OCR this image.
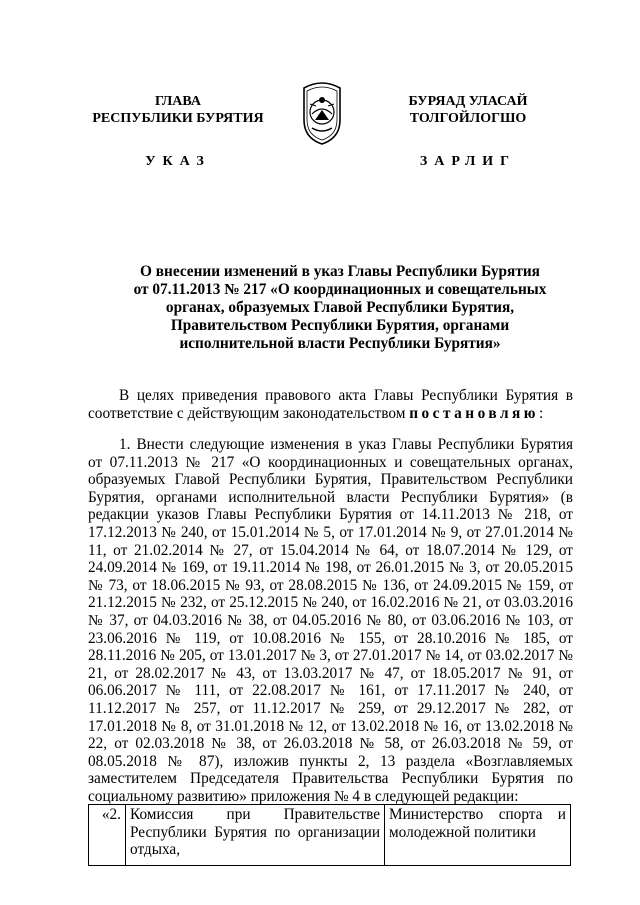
ГЛАВА
РЕСПУБЛИКИ БУРЯТИЯ
УКАЗ
БУРЯАД УЛАСАЙ
ТОЛГОЙЛОГШО
ЗАРЛИГ
О внесении изменений в указ Главы Республики Бурятия
от 07.11.2013 № 217 «О координационных и совещательных
органах, образуемых Главой Республики Бурятия,
Правительством Республики Бурятия, органами
исполнительной власти Республики Бурятия»
В целях приведения правового акта Главы Республики Бурятия в соответствие с действующим законодательством постановляю:
1. Внести следующие изменения в указ Главы Республики Бурятия от 07.11.2013 № 217 «О координационных и совещательных органах, образуемых Главой Республики Бурятия, Правительством Республики Бурятия, органами исполнительной власти Республики Бурятия» (в редакции указов Главы Республики Бурятия от 14.11.2013 № 218, от 17.12.2013 № 240, от 15.01.2014 № 5, от 17.01.2014 № 9, от 27.01.2014 № 11, от 21.02.2014 № 27, от 15.04.2014 № 64, от 18.07.2014 № 129, от 24.09.2014 № 169, от 19.11.2014 № 198, от 26.01.2015 № 3, от 20.05.2015 № 73, от 18.06.2015 № 93, от 28.08.2015 № 136, от 24.09.2015 № 159, от 21.12.2015 № 232, от 25.12.2015 № 240, от 16.02.2016 № 21, от 03.03.2016 № 37, от 04.03.2016 № 38, от 04.05.2016 № 80, от 03.06.2016 № 103, от 23.06.2016 № 119, от 10.08.2016 № 155, от 28.10.2016 № 185, от 28.11.2016 № 205, от 13.01.2017 № 3, от 27.01.2017 № 14, от 03.02.2017 № 21, от 28.02.2017 № 43, от 13.03.2017 № 47, от 18.05.2017 № 91, от 06.06.2017 № 111, от 22.08.2017 № 161, от 17.11.2017 № 240, от 11.12.2017 № 257, от 11.12.2017 № 259, от 29.12.2017 № 282, от 17.01.2018 № 8, от 31.01.2018 № 12, от 13.02.2018 № 16, от 13.02.2018 № 22, от 02.03.2018 № 38, от 26.03.2018 № 58, от 26.03.2018 № 59, от 08.05.2018 № 87), изложив пункты 2, 13 раздела «Возглавляемых заместителем Председателя Правительства Республики Бурятия по социальному развитию» приложения № 4 в следующей редакции:
«2.	Комиссия при Правительстве Республики Бурятия по организации отдыха,	Министерство спорта и молодежной политики
